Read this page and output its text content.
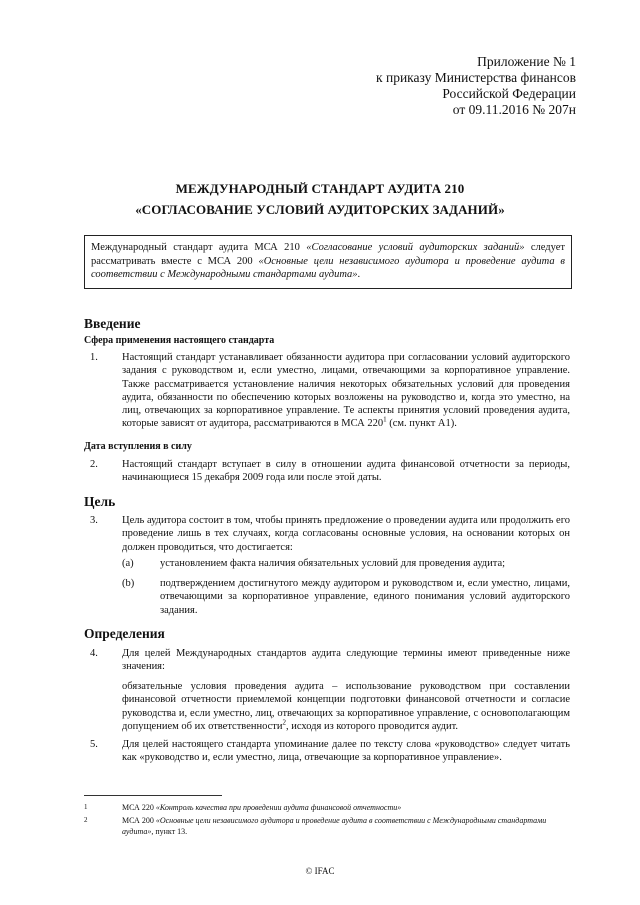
Приложение № 1
к приказу Министерства финансов
Российской Федерации
от 09.11.2016 № 207н
МЕЖДУНАРОДНЫЙ СТАНДАРТ АУДИТА 210
«СОГЛАСОВАНИЕ УСЛОВИЙ АУДИТОРСКИХ ЗАДАНИЙ»
Международный стандарт аудита МСА 210 «Согласование условий аудиторских заданий» следует рассматривать вместе с МСА 200 «Основные цели независимого аудитора и проведение аудита в соответствии с Международными стандартами аудита».
Введение
Сфера применения настоящего стандарта
1.	Настоящий стандарт устанавливает обязанности аудитора при согласовании условий аудиторского задания с руководством и, если уместно, лицами, отвечающими за корпоративное управление. Также рассматривается установление наличия некоторых обязательных условий для проведения аудита, обязанности по обеспечению которых возложены на руководство и, когда это уместно, на лиц, отвечающих за корпоративное управление. Те аспекты принятия условий проведения аудита, которые зависят от аудитора, рассматриваются в МСА $220^1$ (см. пункт А1).
Дата вступления в силу
2.	Настоящий стандарт вступает в силу в отношении аудита финансовой отчетности за периоды, начинающиеся 15 декабря 2009 года или после этой даты.
Цель
3.	Цель аудитора состоит в том, чтобы принять предложение о проведении аудита или продолжить его проведение лишь в тех случаях, когда согласованы основные условия, на основании которых он должен проводиться, что достигается:
(a)	установлением факта наличия обязательных условий для проведения аудита;
(b)	подтверждением достигнутого между аудитором и руководством и, если уместно, лицами, отвечающими за корпоративное управление, единого понимания условий аудиторского задания.
Определения
4.	Для целей Международных стандартов аудита следующие термины имеют приведенные ниже значения:
обязательные условия проведения аудита – использование руководством при составлении финансовой отчетности приемлемой концепции подготовки финансовой отчетности и согласие руководства и, если уместно, лиц, отвечающих за корпоративное управление, с основополагающим допущением об их ответственности$^2$, исходя из которого проводится аудит.
5.	Для целей настоящего стандарта упоминание далее по тексту слова «руководство» следует читать как «руководство и, если уместно, лица, отвечающие за корпоративное управление».
1	МСА 220 «Контроль качества при проведении аудита финансовой отчетности»
2	МСА 200 «Основные цели независимого аудитора и проведение аудита в соответствии с Международными стандартами аудита», пункт 13.
© IFAC
